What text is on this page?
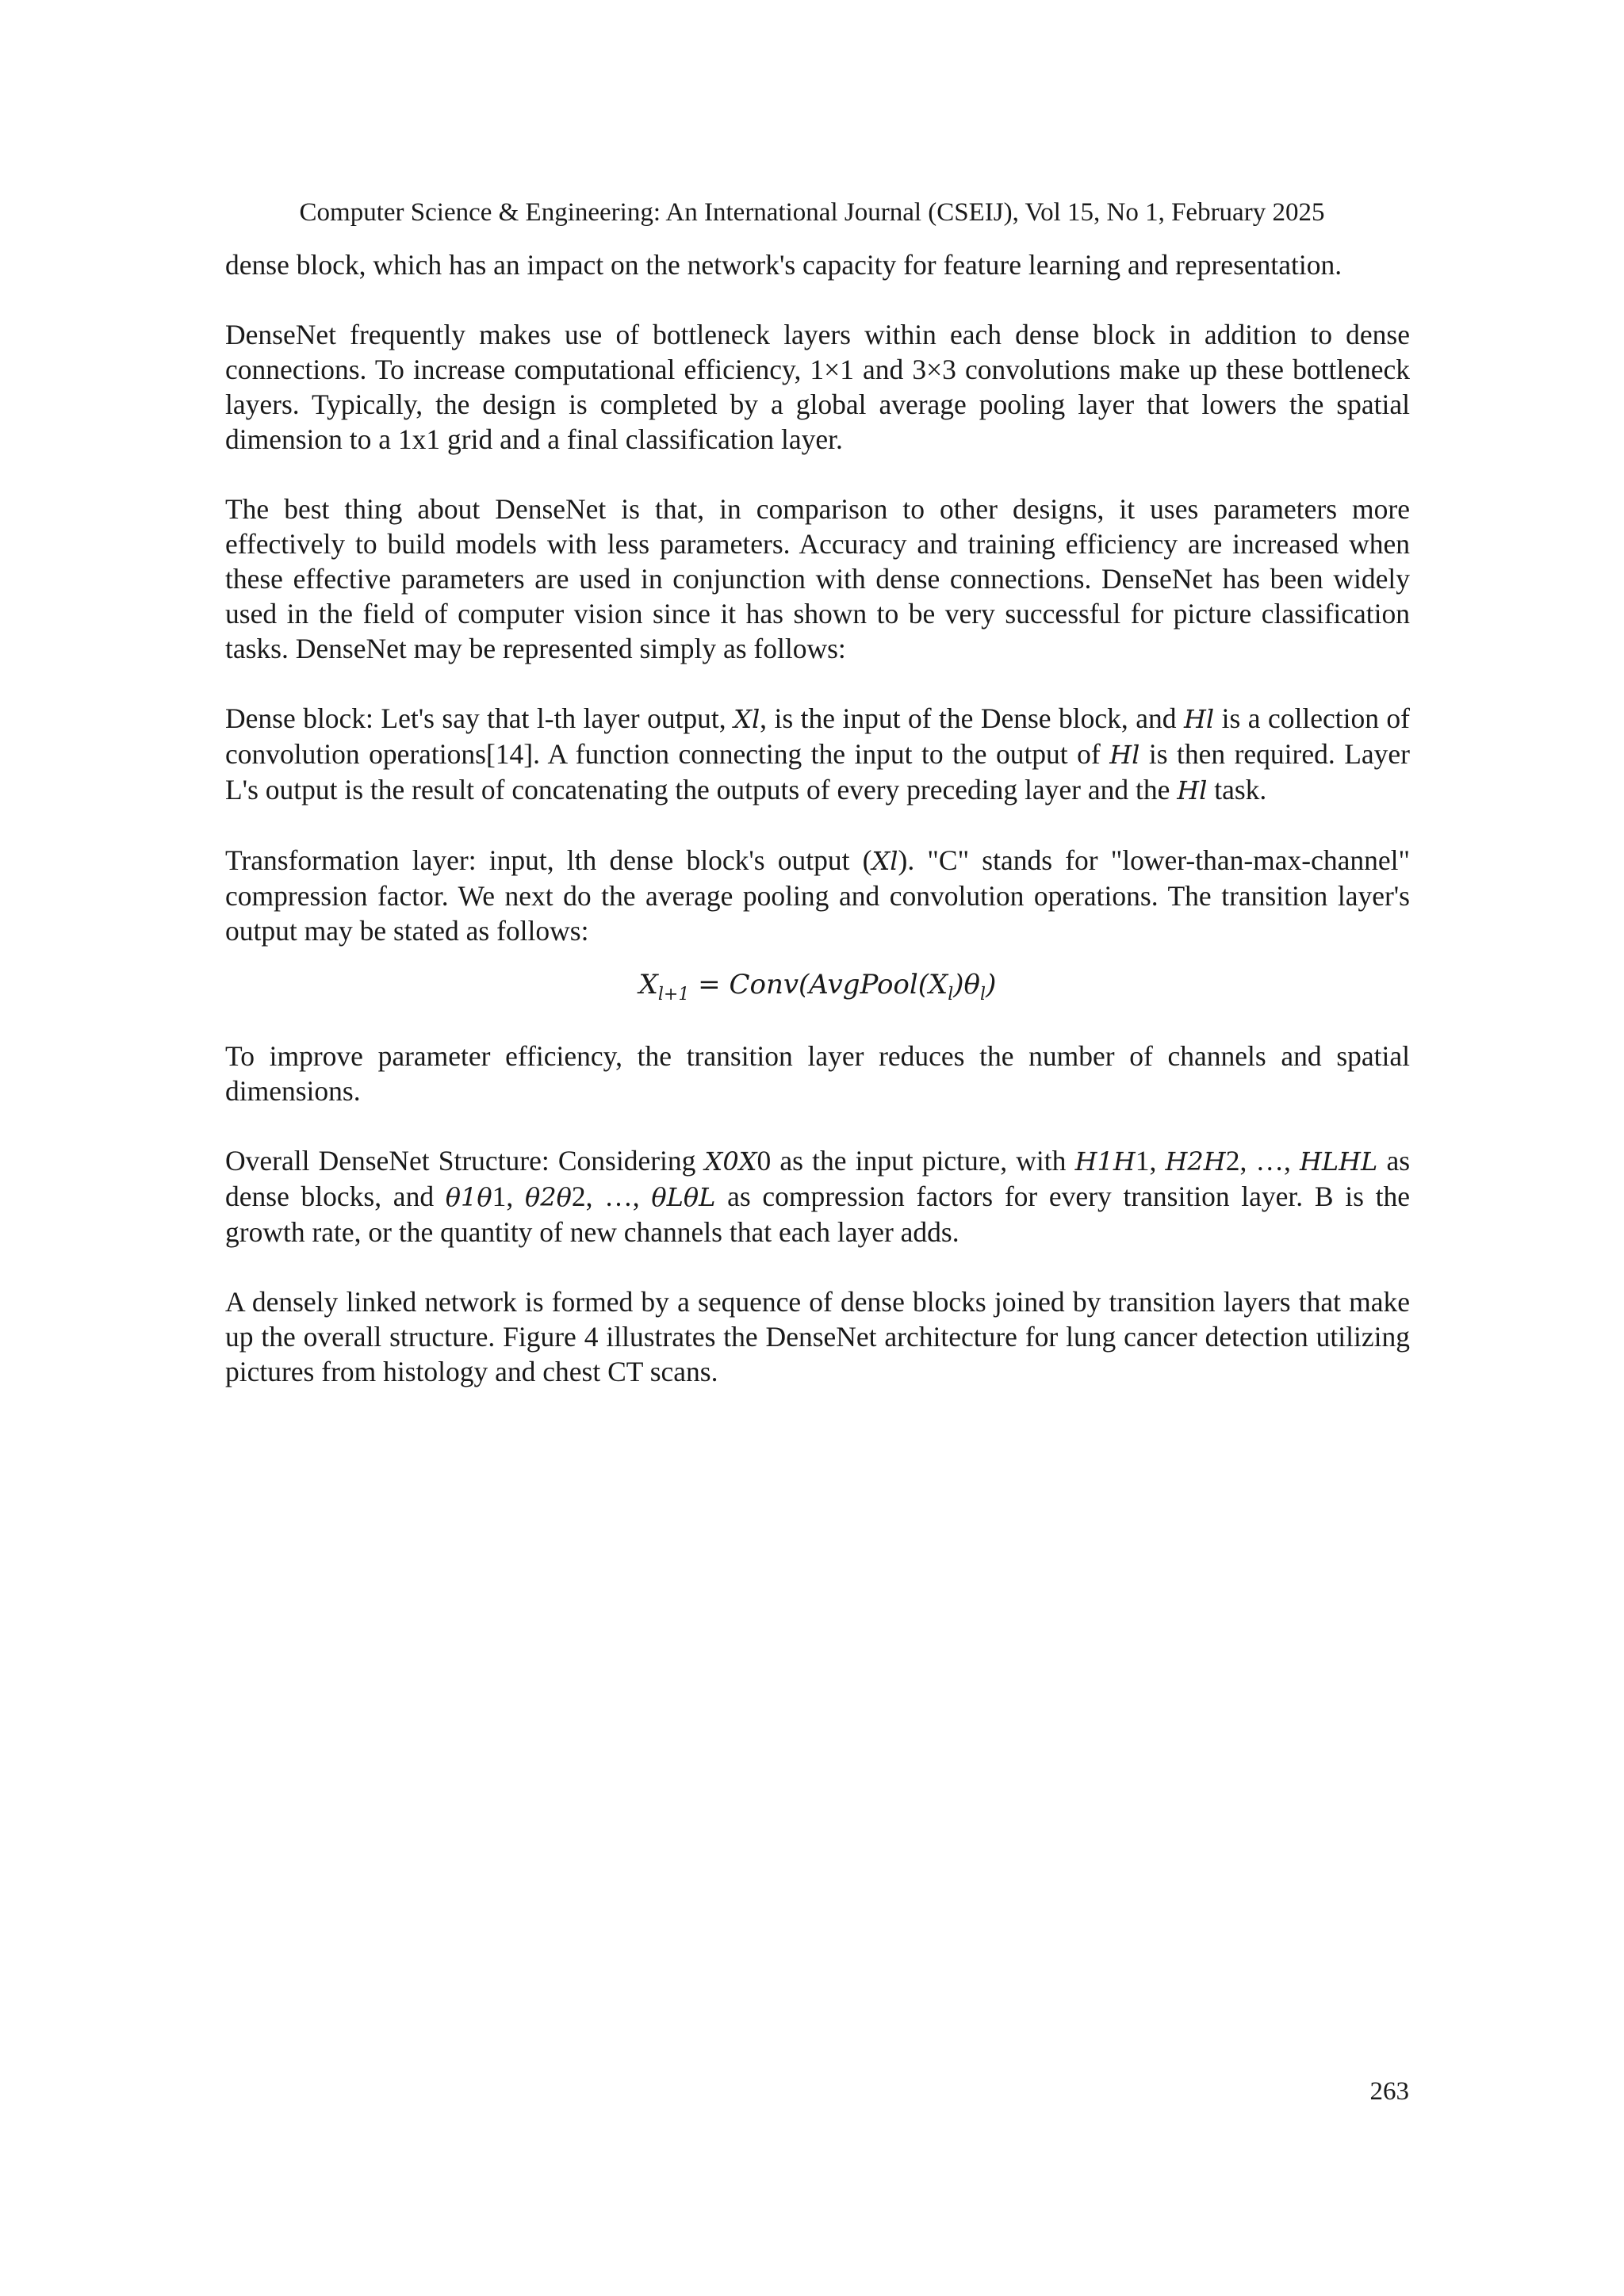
Computer Science & Engineering: An International Journal (CSEIJ), Vol 15, No 1, February 2025

dense block, which has an impact on the network's capacity for feature learning and representation.

DenseNet frequently makes use of bottleneck layers within each dense block in addition to dense connections. To increase computational efficiency, 1×1 and 3×3 convolutions make up these bottleneck layers. Typically, the design is completed by a global average pooling layer that lowers the spatial dimension to a 1x1 grid and a final classification layer.

The best thing about DenseNet is that, in comparison to other designs, it uses parameters more effectively to build models with less parameters. Accuracy and training efficiency are increased when these effective parameters are used in conjunction with dense connections. DenseNet has been widely used in the field of computer vision since it has shown to be very successful for picture classification tasks. DenseNet may be represented simply as follows:

Dense block: Let's say that l-th layer output, Xl, is the input of the Dense block, and Hl is a collection of convolution operations[14]. A function connecting the input to the output of Hl is then required. Layer L's output is the result of concatenating the outputs of every preceding layer and the Hl task.

Transformation layer: input, lth dense block's output (Xl). "C" stands for "lower-than-max-channel" compression factor. We next do the average pooling and convolution operations. The transition layer's output may be stated as follows:

$X_{l+1}$ = $Conv(AvgPool(X_l)\theta_l)$

To improve parameter efficiency, the transition layer reduces the number of channels and spatial dimensions.

Overall DenseNet Structure: Considering X0X0 as the input picture, with H1H1, H2H2, …, HLHL as dense blocks, and θ1θ1, θ2θ2, …, θLθL as compression factors for every transition layer. B is the growth rate, or the quantity of new channels that each layer adds.

A densely linked network is formed by a sequence of dense blocks joined by transition layers that make up the overall structure. Figure 4 illustrates the DenseNet architecture for lung cancer detection utilizing pictures from histology and chest CT scans.

263
